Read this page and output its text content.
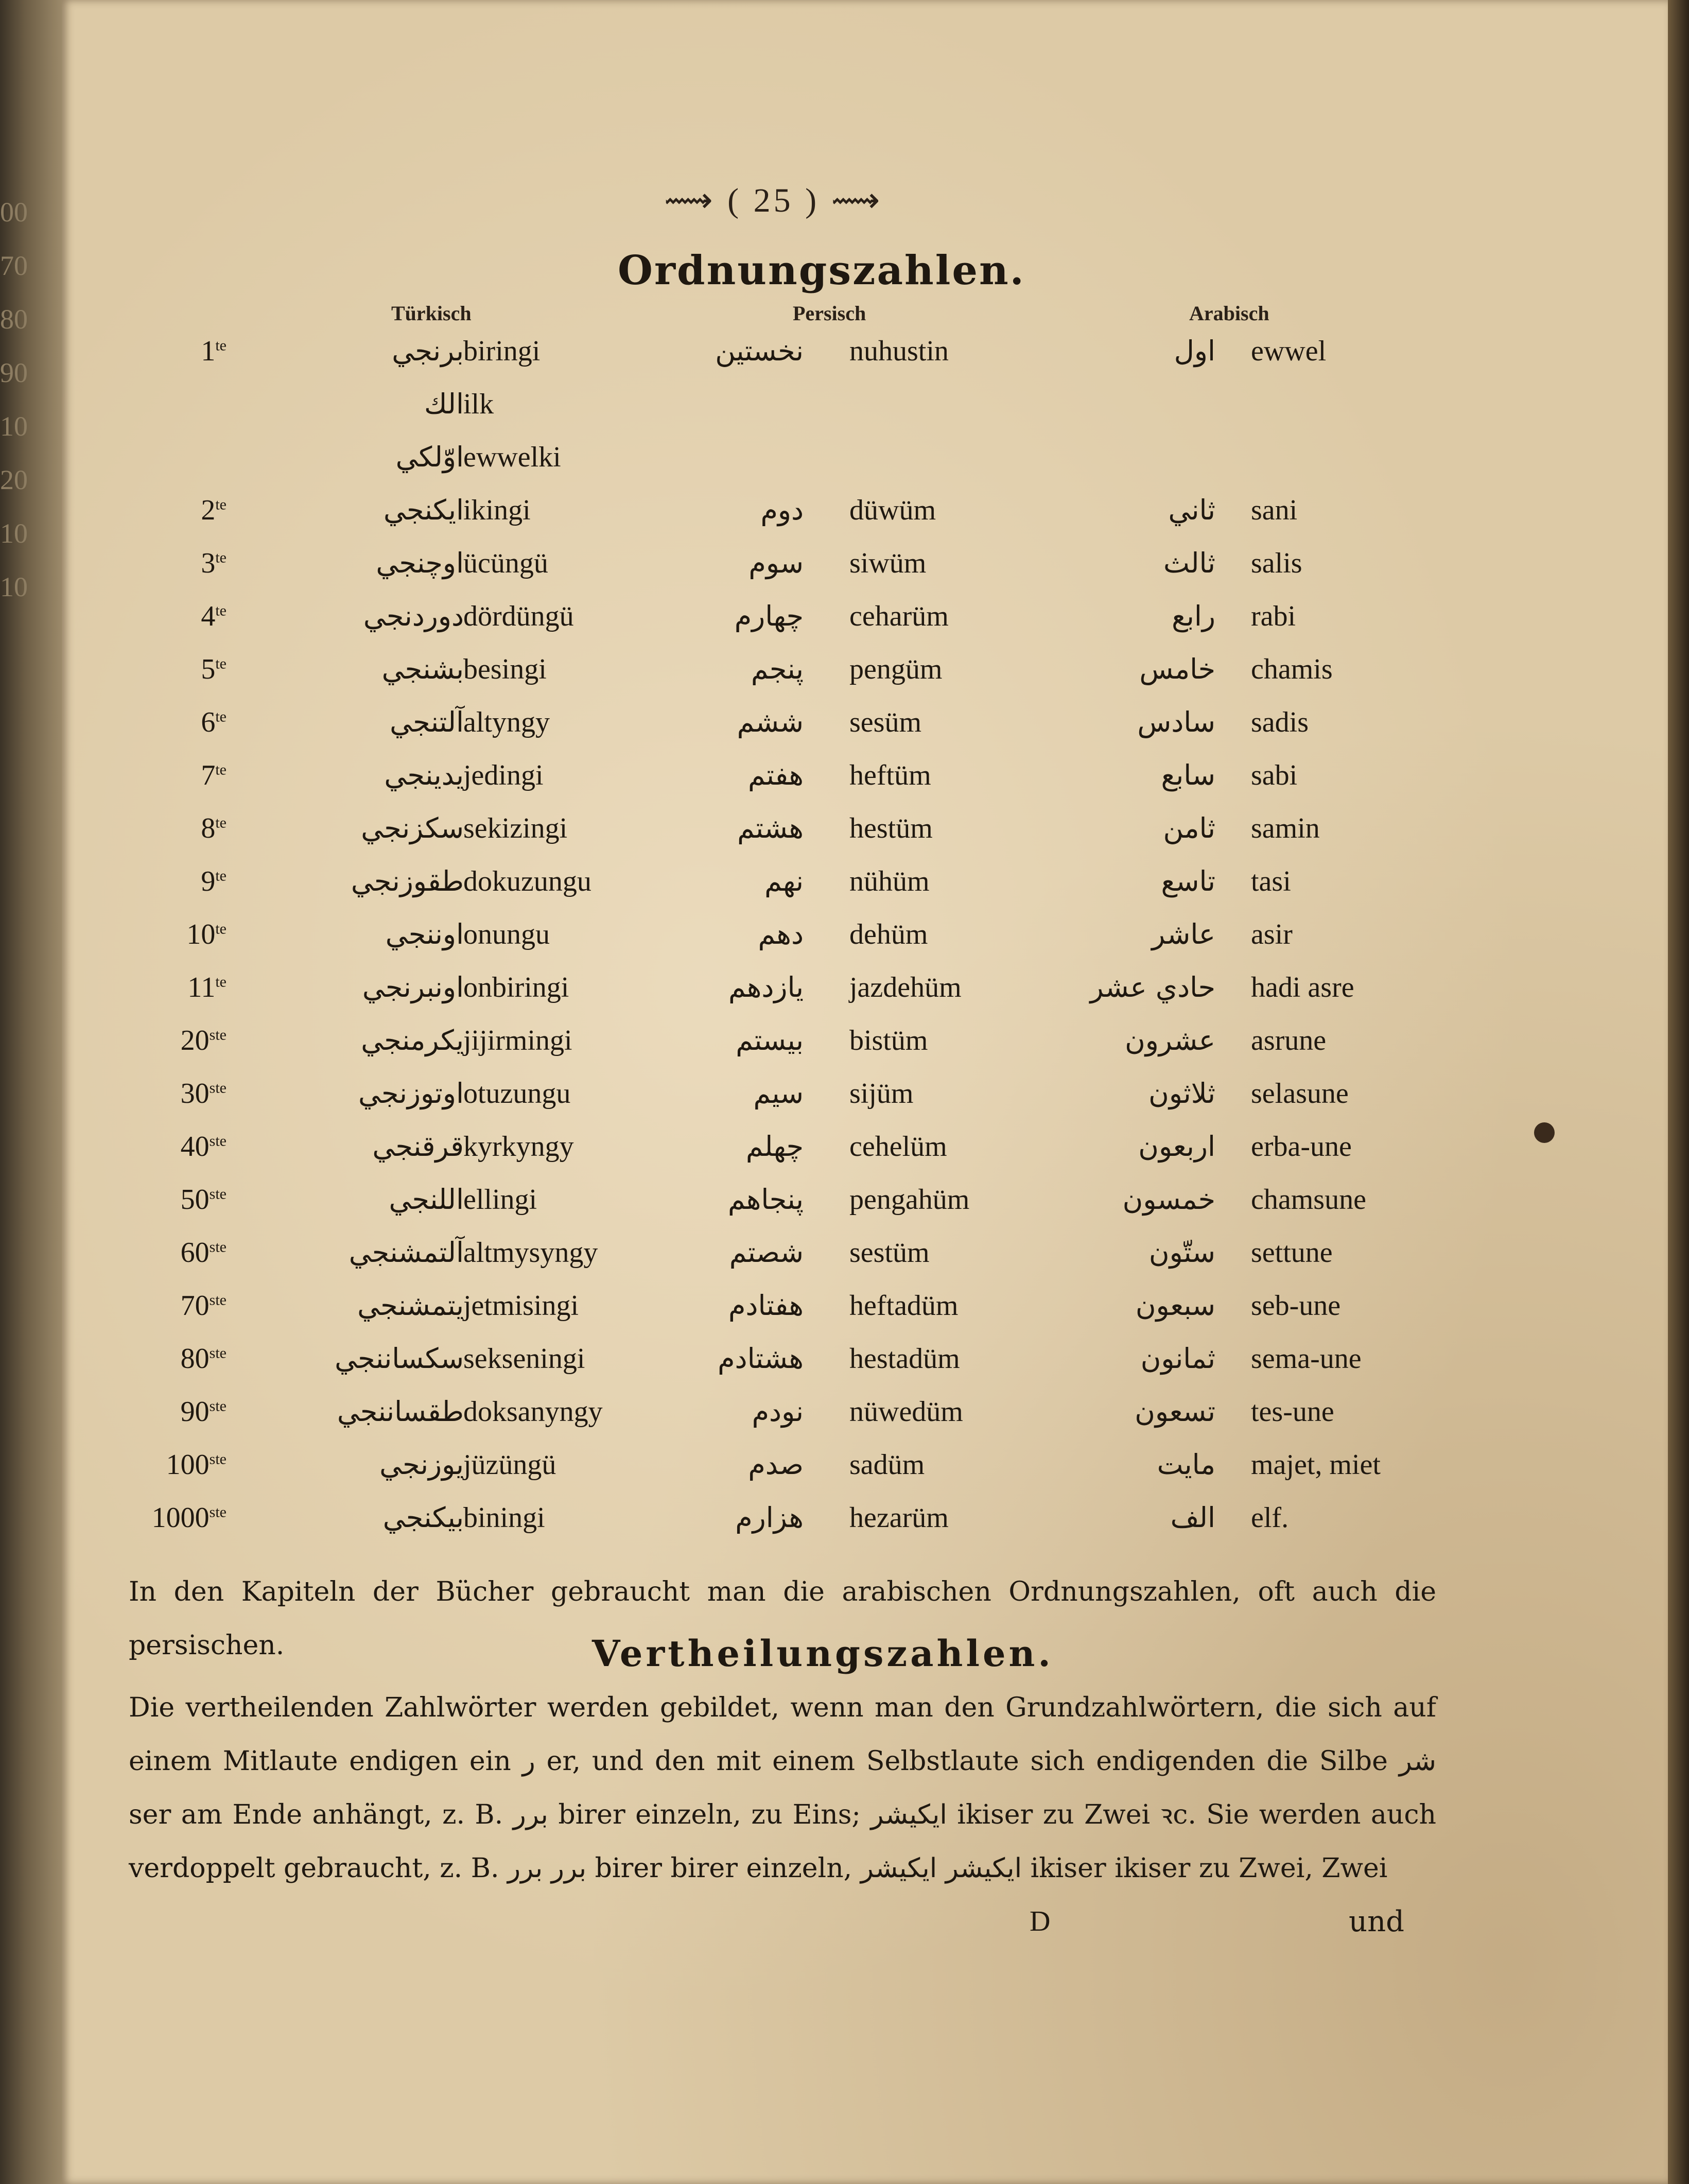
00
70
80
90
10
20
10
10
⟿ ( 25 ) ⟿
Ordnungszahlen.
Türkisch	Persisch	Arabisch
$1^{te}$	برنجي biringi	نخستين nuhustin	اول ewwel
الك ilk
اوّلكي ewwelki
$2^{te}$	ايكنجي ikingi	دوم düwüm	ثاني sani
$3^{te}$	اوچنجي ücüngü	سوم siwüm	ثالث salis
$4^{te}$	دوردنجي dördüngü	چهارم ceharüm	رابع rabi
$5^{te}$	بشنجي besingi	پنجم pengüm	خامس chamis
$6^{te}$	آلتنجي altyngy	ششم sesüm	سادس sadis
$7^{te}$	يدينجي jedingi	هفتم heftüm	سابع sabi
$8^{te}$	سكزنجي sekizingi	هشتم hestüm	ثامن samin
$9^{te}$	طقوزنجي dokuzungu	نهم nühüm	تاسع tasi
$10^{te}$	اوننجي onungu	دهم dehüm	عاشر asir
$11^{te}$	اونبرنجي onbiringi	يازدهم jazdehüm	حادي عشر hadi asre
20ste	يكرمنجي jijirmingi	بيستم bistüm	عشرون asrune
30ste	اوتوزنجي otuzungu	سيم sijüm	ثلاثون selasune
40ste	قرقنجي kyrkyngy	چهلم cehelüm	اربعون erba-une
50ste	اللنجي ellingi	پنجاهم pengahüm	خمسون chamsune
60ste	آلتمشنجي altmysyngy	شصتم sestüm	ستّون settune
70ste	يتمشنجي jetmisingi	هفتادم heftadüm	سبعون seb-une
80ste	سكساننجي sekseningi	هشتادم hestadüm	ثمانون sema-une
90ste	طقساننجي doksanyngy	نودم nüwedüm	تسعون tes-une
100ste	يوزنجي jüzüngü	صدم sadüm	مايت majet, miet
1000ste	بيكنجي biningi	هزارم hezarüm	الف elf.
In den Kapiteln der Bücher gebraucht man die arabischen Ordnungszahlen, oft auch die persischen.	Vertheilungszahlen.
Die vertheilenden Zahlwörter werden gebildet, wenn man den Grundzahlwörtern, die sich auf einem Mitlaute endigen ein ر er, und den mit einem Selbstlaute sich endigenden die Silbe شر ser am Ende anhängt, z. B. برر birer einzeln, zu Eins; ايكيشر ikiser zu Zwei ꝛc. Sie werden auch verdoppelt gebraucht, z. B. برر برر birer birer einzeln, ايكيشر ايكيشر ikiser ikiser zu Zwei, Zwei
D	und
